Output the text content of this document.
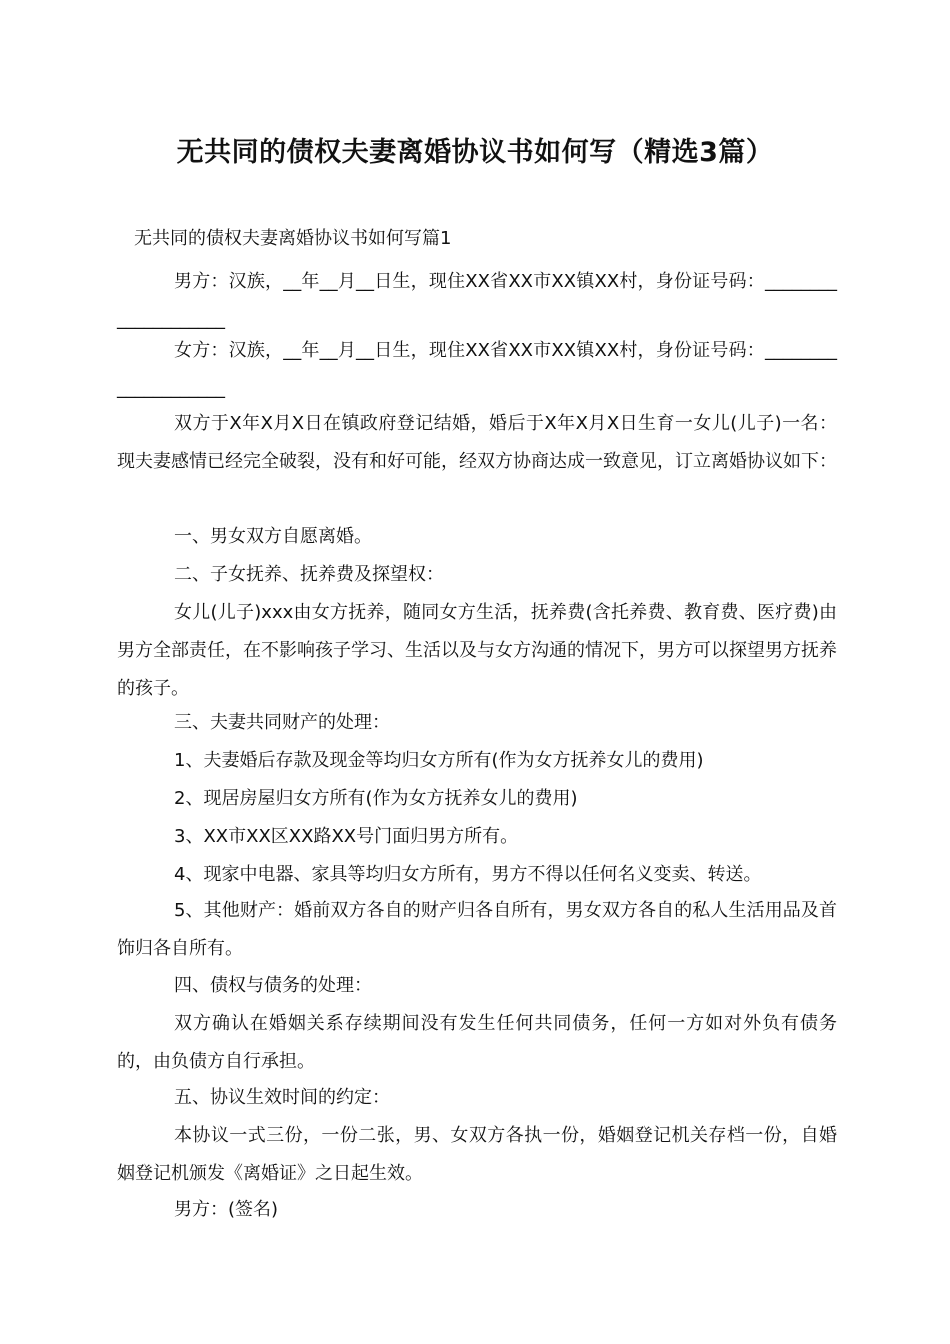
无共同的债权夫妻离婚协议书如何写（精选3篇）
无共同的债权夫妻离婚协议书如何写篇1
男方：汉族，__年__月__日生，现住XX省XX市XX镇XX村，身份证号码：____________________
女方：汉族，__年__月__日生，现住XX省XX市XX镇XX村，身份证号码：____________________
双方于X年X月X日在镇政府登记结婚，婚后于X年X月X日生育一女儿(儿子)一名：现夫妻感情已经完全破裂，没有和好可能，经双方协商达成一致意见，订立离婚协议如下：
一、男女双方自愿离婚。
二、子女抚养、抚养费及探望权：
女儿(儿子)xxx由女方抚养，随同女方生活，抚养费(含托养费、教育费、医疗费)由男方全部责任，在不影响孩子学习、生活以及与女方沟通的情况下，男方可以探望男方抚养的孩子。
三、夫妻共同财产的处理：
1、夫妻婚后存款及现金等均归女方所有(作为女方抚养女儿的费用)
2、现居房屋归女方所有(作为女方抚养女儿的费用)
3、XX市XX区XX路XX号门面归男方所有。
4、现家中电器、家具等均归女方所有，男方不得以任何名义变卖、转送。
5、其他财产：婚前双方各自的财产归各自所有，男女双方各自的私人生活用品及首饰归各自所有。
四、债权与债务的处理：
双方确认在婚姻关系存续期间没有发生任何共同债务，任何一方如对外负有债务的，由负债方自行承担。
五、协议生效时间的约定：
本协议一式三份，一份二张，男、女双方各执一份，婚姻登记机关存档一份，自婚姻登记机颁发《离婚证》之日起生效。
男方：(签名)
